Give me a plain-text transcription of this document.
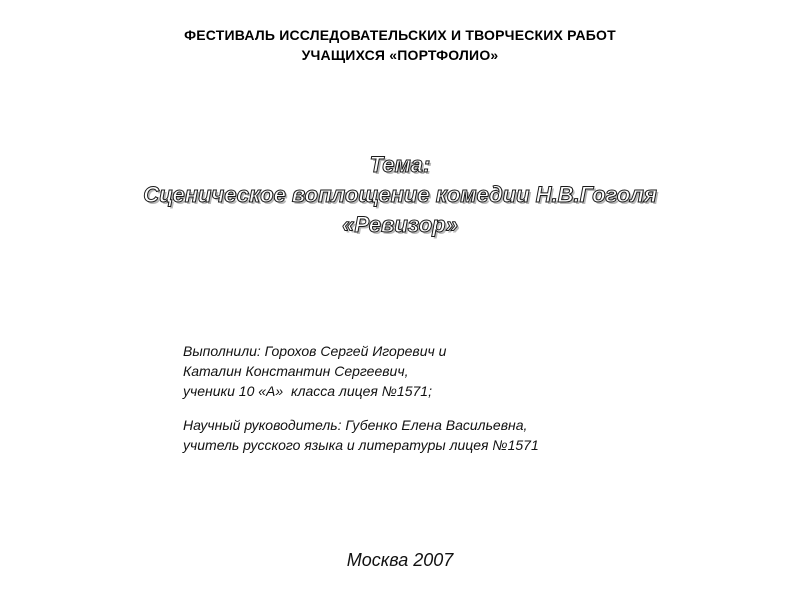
ФЕСТИВАЛЬ ИССЛЕДОВАТЕЛЬСКИХ И ТВОРЧЕСКИХ РАБОТ
УЧАЩИХСЯ «ПОРТФОЛИО»
Тема:
Сценическое воплощение комедии Н.В.Гоголя
«Ревизор»
Выполнили: Горохов Сергей Игоревич и
Каталин Константин Сергеевич,
ученики 10 «А»  класса лицея №1571;
Научный руководитель: Губенко Елена Васильевна,
учитель русского языка и литературы лицея №1571
Москва 2007
